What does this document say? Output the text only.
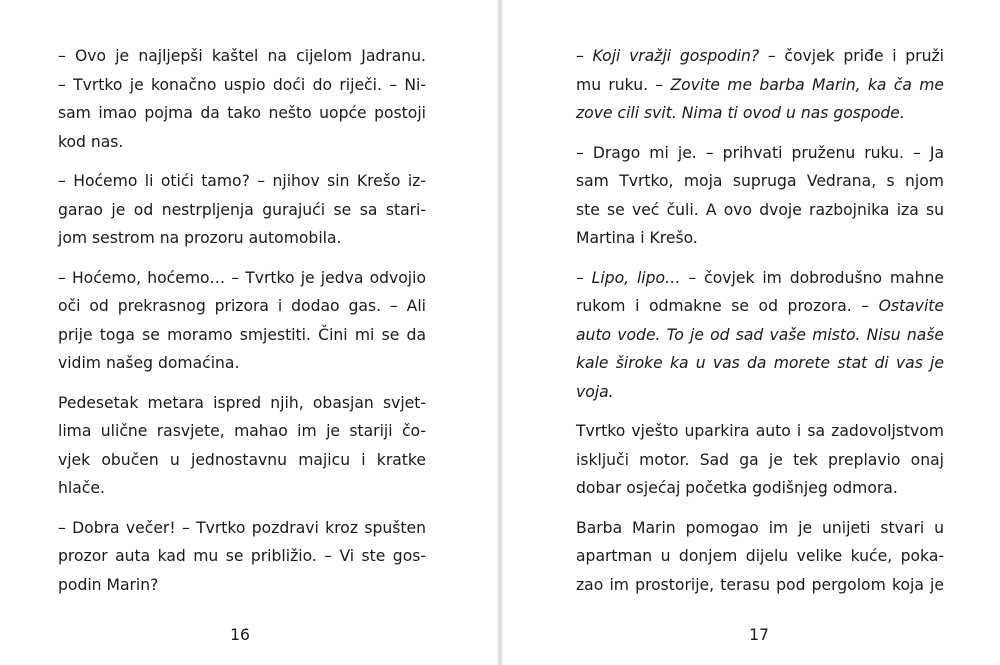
– Ovo je najljepši kaštel na cijelom Jadranu.
– Tvrtko je konačno uspio doći do riječi. – Ni-
sam imao pojma da tako nešto uopće postoji
kod nas.
– Hoćemo li otići tamo? – njihov sin Krešo iz-
garao je od nestrpljenja gurajući se sa stari-
jom sestrom na prozoru automobila.
– Hoćemo, hoćemo… – Tvrtko je jedva odvojio
oči od prekrasnog prizora i dodao gas. – Ali
prije toga se moramo smjestiti. Čini mi se da
vidim našeg domaćina.
Pedesetak metara ispred njih, obasjan svjet-
lima ulične rasvjete, mahao im je stariji čo-
vjek obučen u jednostavnu majicu i kratke
hlače.
– Dobra večer! – Tvrtko pozdravi kroz spušten
prozor auta kad mu se približio. – Vi ste gos-
podin Marin?
16
– Koji vražji gospodin? – čovjek priđe i pruži
mu ruku. – Zovite me barba Marin, ka ča me
zove cili svit. Nima ti ovod u nas gospode.
– Drago mi je. – prihvati pruženu ruku. – Ja
sam Tvrtko, moja supruga Vedrana, s njom
ste se već čuli. A ovo dvoje razbojnika iza su
Martina i Krešo.
– Lipo, lipo… – čovjek im dobrodušno mahne
rukom i odmakne se od prozora. – Ostavite
auto vode. To je od sad vaše misto. Nisu naše
kale široke ka u vas da morete stat di vas je
voja.
Tvrtko vješto uparkira auto i sa zadovoljstvom
isključi motor. Sad ga je tek preplavio onaj
dobar osjećaj početka godišnjeg odmora.
Barba Marin pomogao im je unijeti stvari u
apartman u donjem dijelu velike kuće, poka-
zao im prostorije, terasu pod pergolom koja je
17
